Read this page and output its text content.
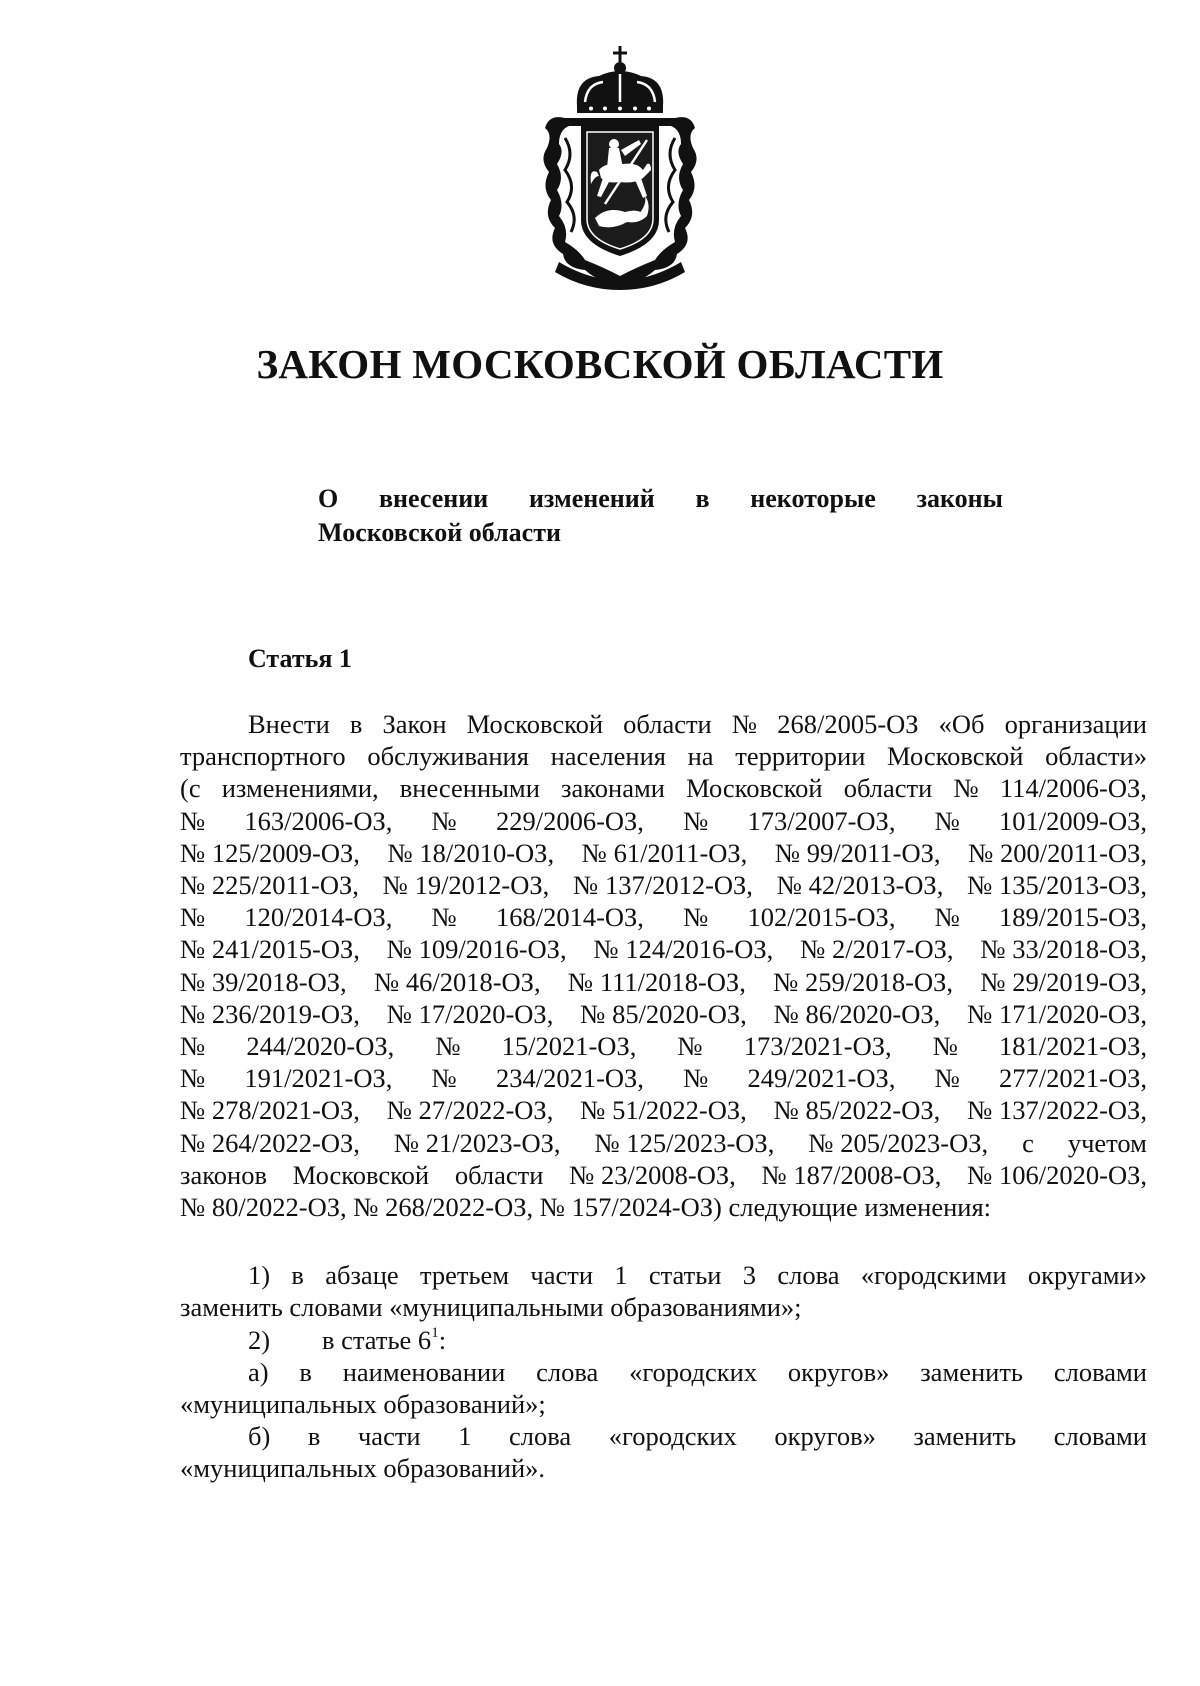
ЗАКОН МОСКОВСКОЙ ОБЛАСТИ
О внесении изменений в некоторые законы
Московской области
Статья 1
Внести в Закон Московской области № 268/2005-ОЗ «Об организации
транспортного обслуживания населения на территории Московской области»
(с изменениями, внесенными законами Московской области № 114/2006-ОЗ,
№ 163/2006-ОЗ, № 229/2006-ОЗ, № 173/2007-ОЗ, № 101/2009-ОЗ,
№ 125/2009-ОЗ, № 18/2010-ОЗ, № 61/2011-ОЗ, № 99/2011-ОЗ, № 200/2011-ОЗ,
№ 225/2011-ОЗ, № 19/2012-ОЗ, № 137/2012-ОЗ, № 42/2013-ОЗ, № 135/2013-ОЗ,
№ 120/2014-ОЗ, № 168/2014-ОЗ, № 102/2015-ОЗ, № 189/2015-ОЗ,
№ 241/2015-ОЗ, № 109/2016-ОЗ, № 124/2016-ОЗ, № 2/2017-ОЗ, № 33/2018-ОЗ,
№ 39/2018-ОЗ, № 46/2018-ОЗ, № 111/2018-ОЗ, № 259/2018-ОЗ, № 29/2019-ОЗ,
№ 236/2019-ОЗ, № 17/2020-ОЗ, № 85/2020-ОЗ, № 86/2020-ОЗ, № 171/2020-ОЗ,
№ 244/2020-ОЗ, № 15/2021-ОЗ, № 173/2021-ОЗ, № 181/2021-ОЗ,
№ 191/2021-ОЗ, № 234/2021-ОЗ, № 249/2021-ОЗ, № 277/2021-ОЗ,
№ 278/2021-ОЗ, № 27/2022-ОЗ, № 51/2022-ОЗ, № 85/2022-ОЗ, № 137/2022-ОЗ,
№ 264/2022-ОЗ, № 21/2023-ОЗ, № 125/2023-ОЗ, № 205/2023-ОЗ, с учетом
законов Московской области № 23/2008-ОЗ, № 187/2008-ОЗ, № 106/2020-ОЗ,
№ 80/2022-ОЗ, № 268/2022-ОЗ, № 157/2024-ОЗ) следующие изменения:
1) в абзаце третьем части 1 статьи 3 слова «городскими округами»
заменить словами «муниципальными образованиями»;
2) в статье $6^1$:
а) в наименовании слова «городских округов» заменить словами
«муниципальных образований»;
б) в части 1 слова «городских округов» заменить словами
«муниципальных образований».
